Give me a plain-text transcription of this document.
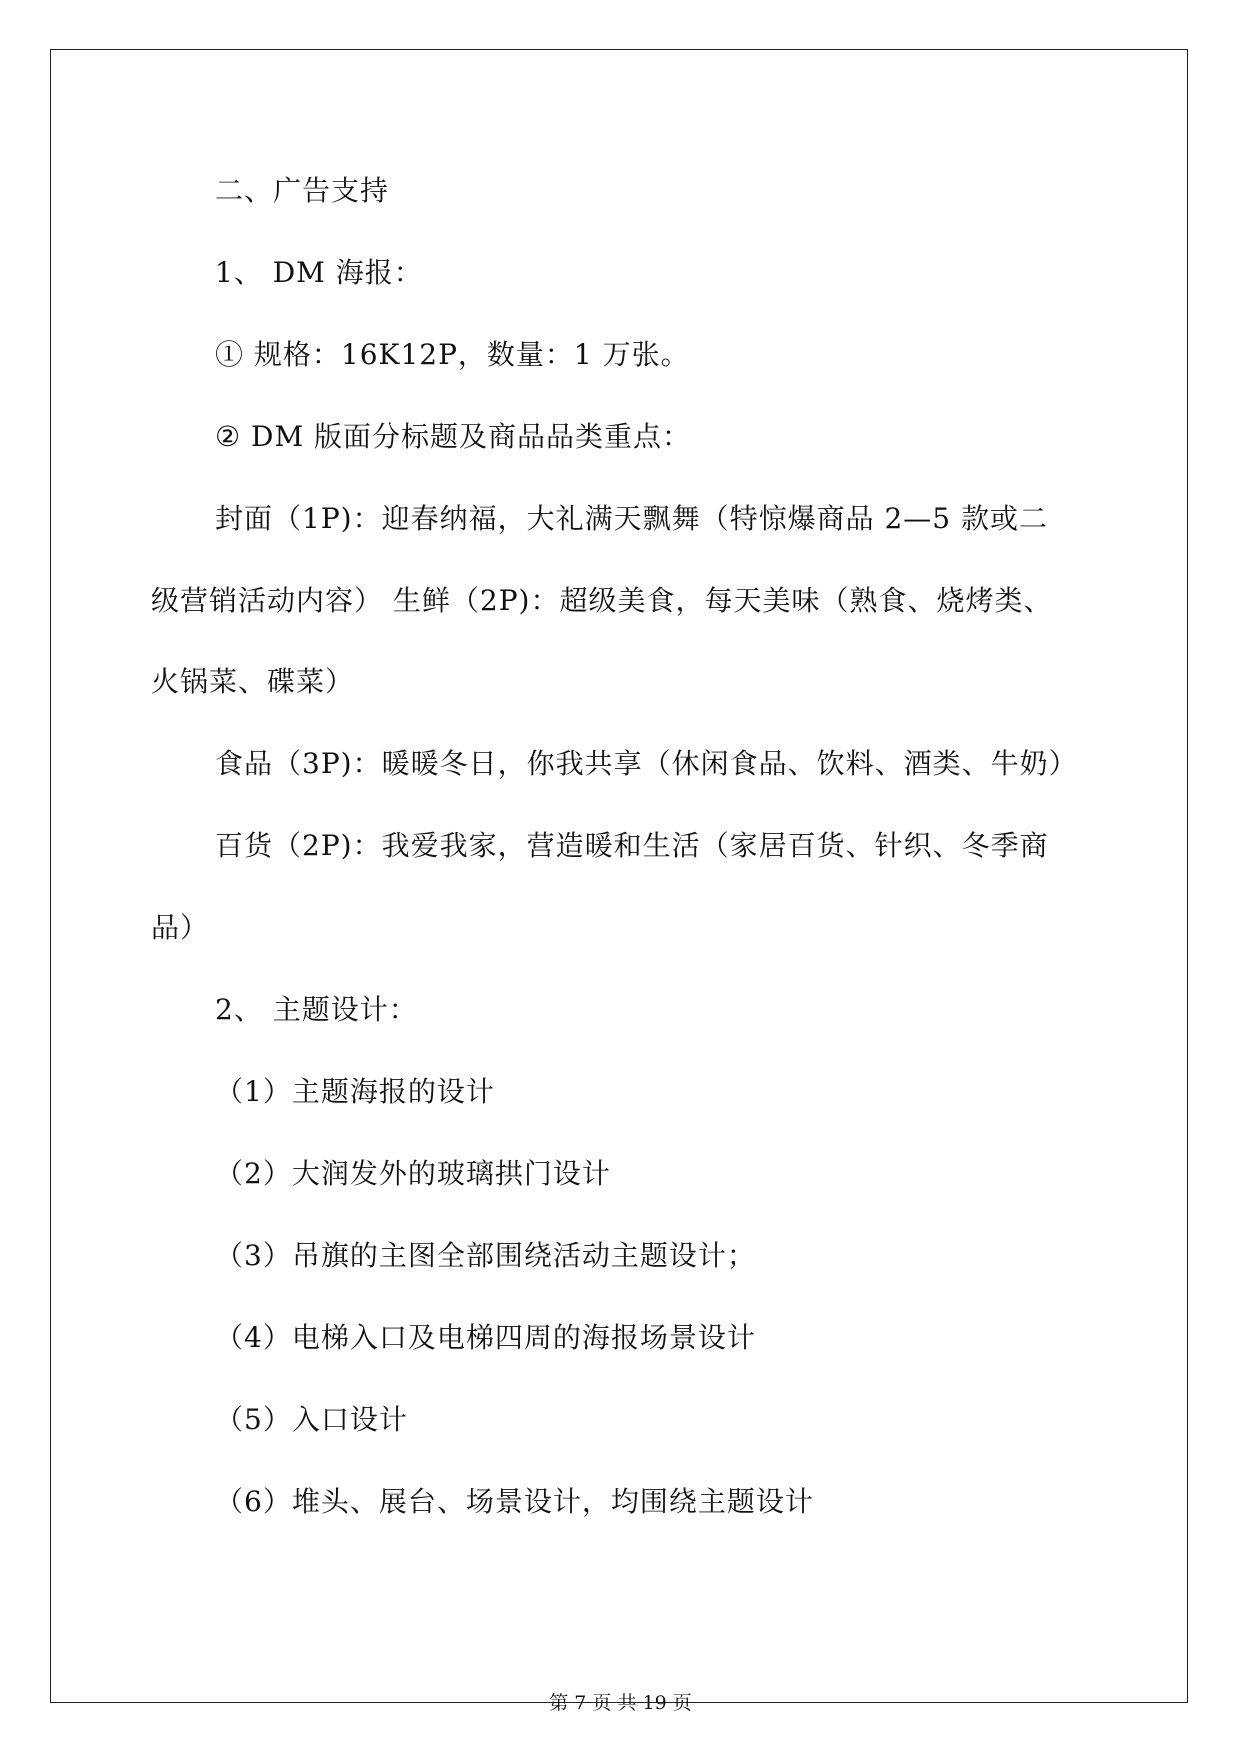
二、广告支持
1、 DM 海报：
① 规格：16K12P，数量：1 万张。
② DM 版面分标题及商品品类重点：
封面（1P)：迎春纳福，大礼满天飘舞（特惊爆商品 2—5 款或二
级营销活动内容） 生鲜（2P)：超级美食，每天美味（熟食、烧烤类、
火锅菜、碟菜）
食品（3P)：暖暖冬日，你我共享（休闲食品、饮料、酒类、牛奶）
百货（2P)：我爱我家，营造暖和生活（家居百货、针织、冬季商
品）
2、 主题设计：
（1）主题海报的设计
（2）大润发外的玻璃拱门设计
（3）吊旗的主图全部围绕活动主题设计；
（4）电梯入口及电梯四周的海报场景设计
（5）入口设计
（6）堆头、展台、场景设计，均围绕主题设计
第 7 页 共 19 页
